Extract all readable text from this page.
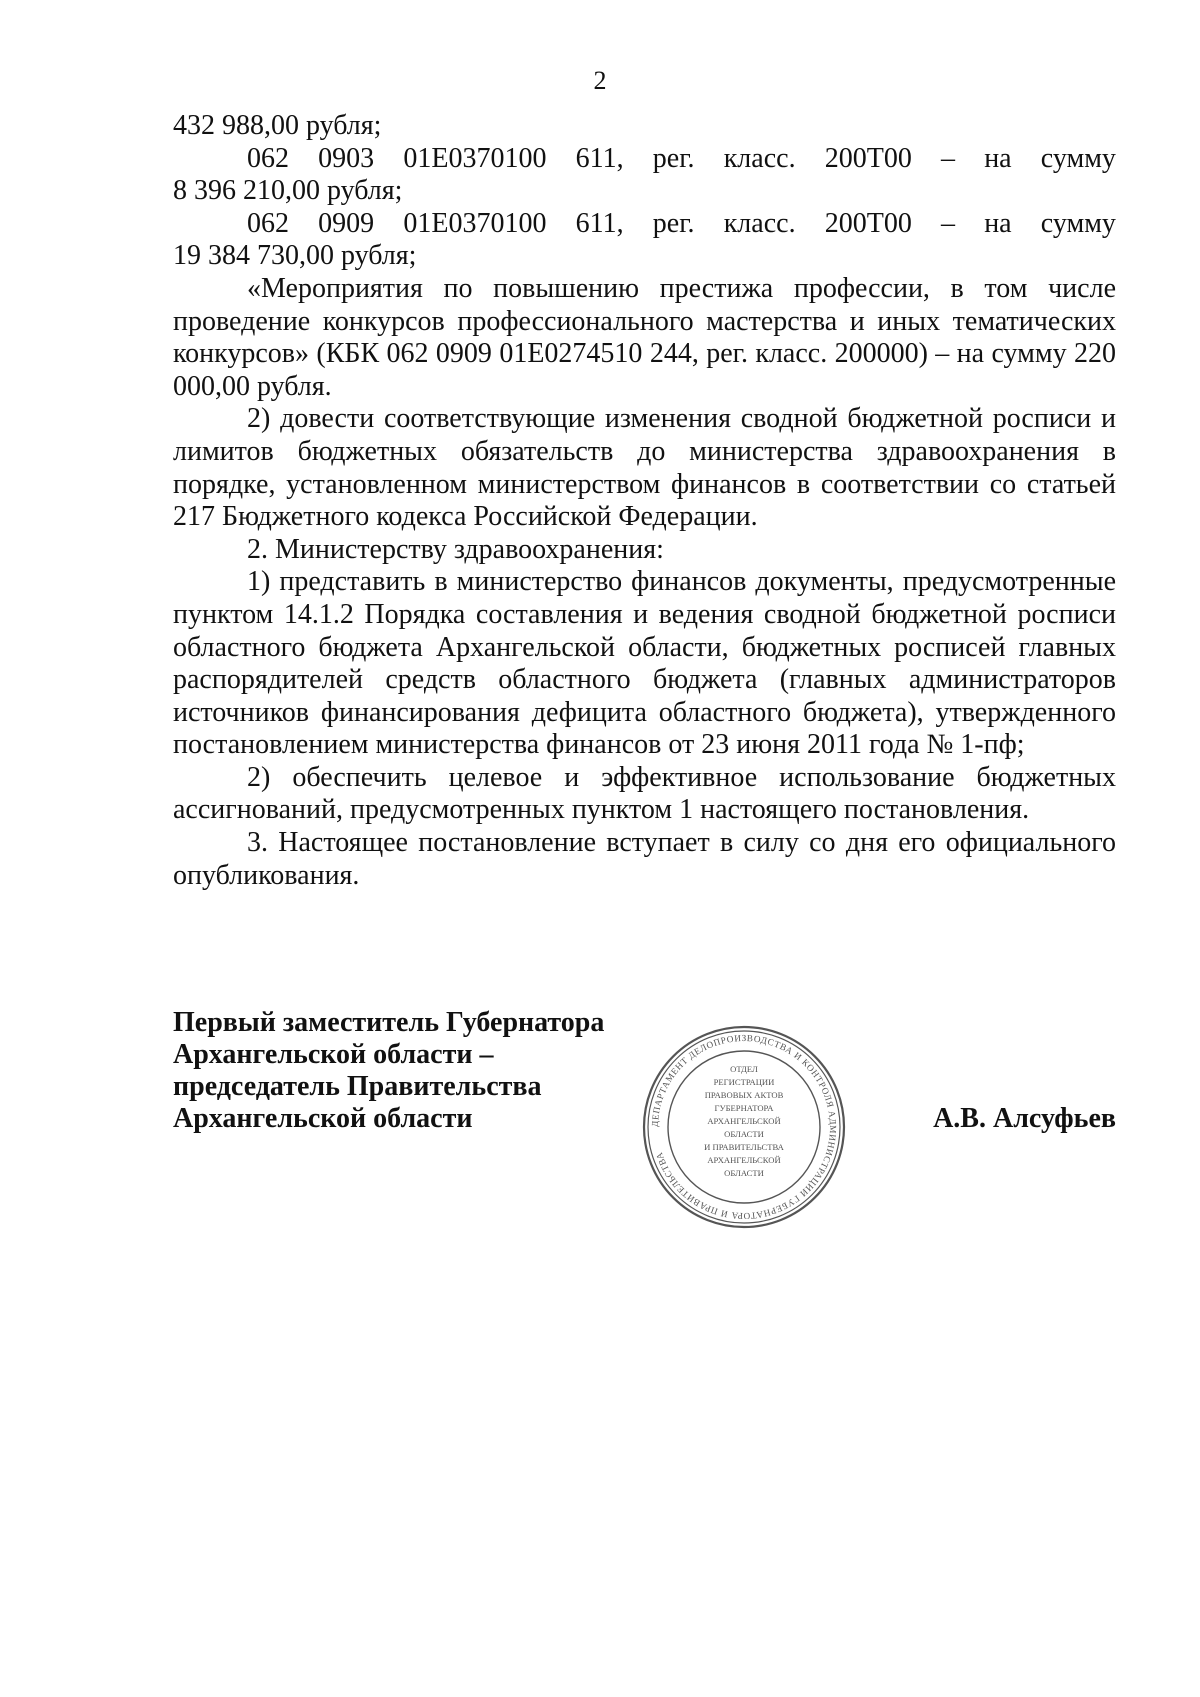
2

432 988,00 рубля;

062 0903 01Е0370100 611, рег. класс. 200Т00 – на сумму

8 396 210,00 рубля;

062 0909 01Е0370100 611, рег. класс. 200Т00 – на сумму

19 384 730,00 рубля;

«Мероприятия по повышению престижа профессии, в том числе проведение конкурсов профессионального мастерства и иных тематических конкурсов» (КБК 062 0909 01Е0274510 244, рег. класс. 200000) – на сумму 220 000,00 рубля.

2) довести соответствующие изменения сводной бюджетной росписи и лимитов бюджетных обязательств до министерства здравоохранения в порядке, установленном министерством финансов в соответствии со статьей 217 Бюджетного кодекса Российской Федерации.

2. Министерству здравоохранения:

1) представить в министерство финансов документы, предусмотренные пунктом 14.1.2 Порядка составления и ведения сводной бюджетной росписи областного бюджета Архангельской области, бюджетных росписей главных распорядителей средств областного бюджета (главных администраторов источников финансирования дефицита областного бюджета), утвержденного постановлением министерства финансов от 23 июня 2011 года № 1-пф;

2) обеспечить целевое и эффективное использование бюджетных ассигнований, предусмотренных пунктом 1 настоящего постановления.

3. Настоящее постановление вступает в силу со дня его официального опубликования.

Первый заместитель Губернатора
Архангельской области –
председатель Правительства
Архангельской области	ДЕПАРТАМЕНТ ДЕЛОПРОИЗВОДСТВА И КОНТРОЛЯ АДМИНИСТРАЦИИ ГУБЕРНАТОРА И ПРАВИТЕЛЬСТВА
ОТДЕЛ
РЕГИСТРАЦИИ
ПРАВОВЫХ АКТОВ
ГУБЕРНАТОРА
АРХАНГЕЛЬСКОЙ
ОБЛАСТИ
И ПРАВИТЕЛЬСТВА
АРХАНГЕЛЬСКОЙ
ОБЛАСТИ
А.В. Алсуфьев
